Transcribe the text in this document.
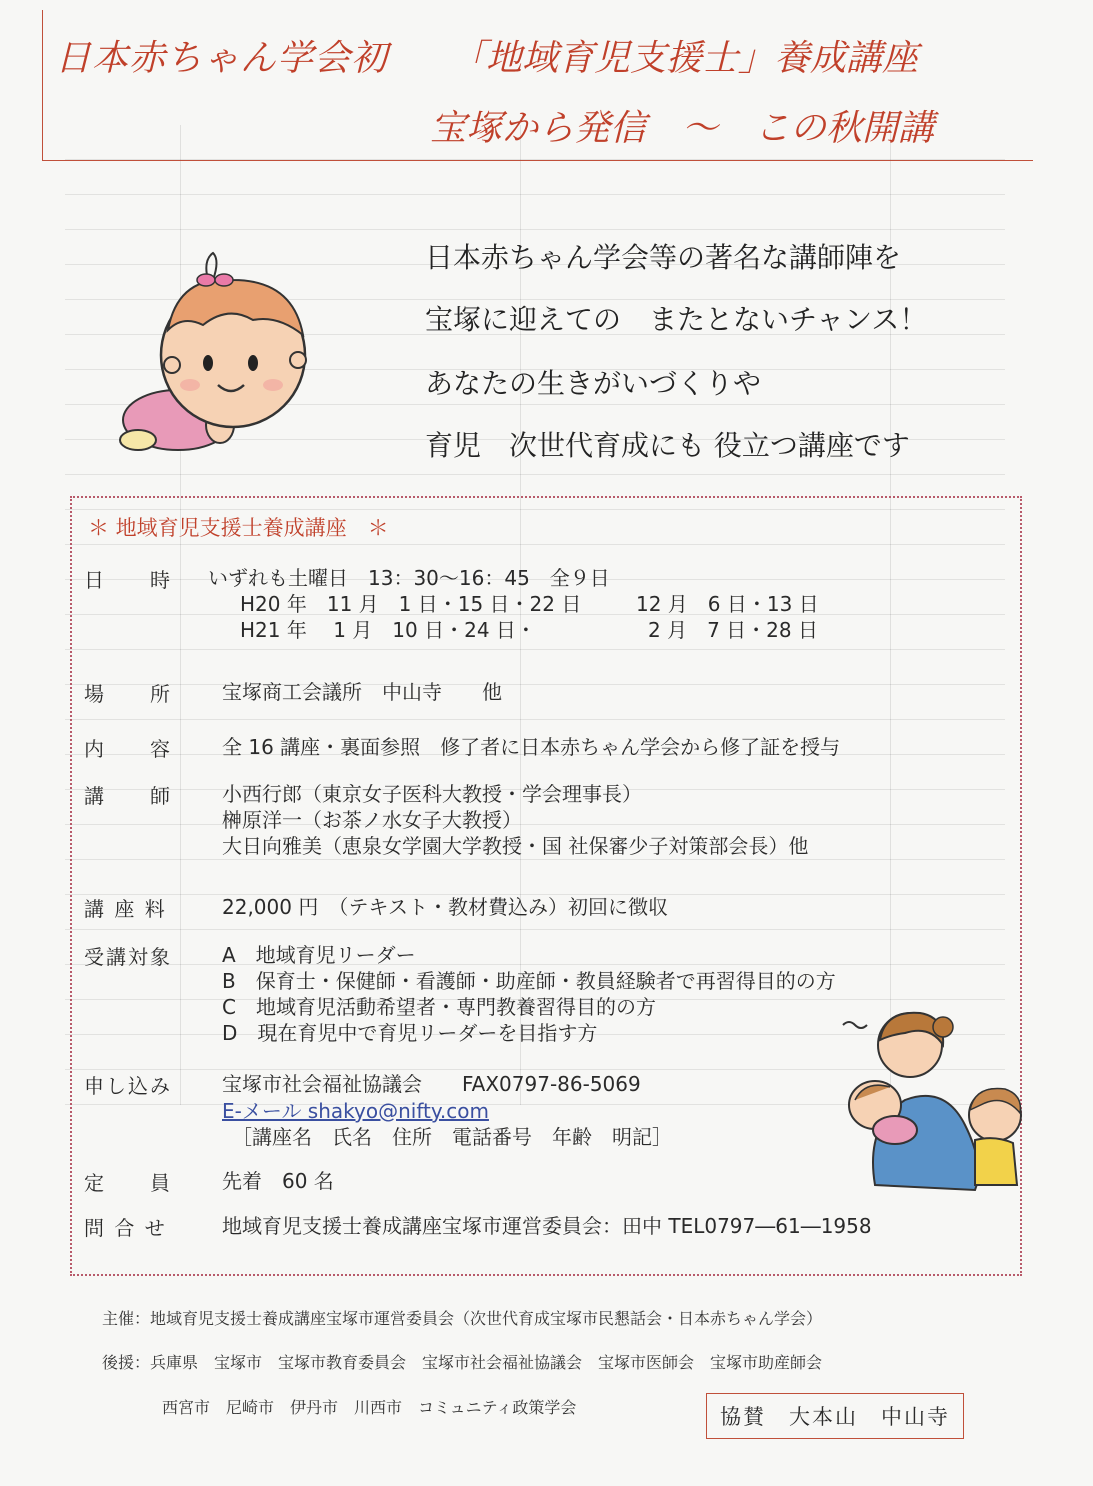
日本赤ちゃん学会初 「地域育児支援士」養成講座
宝塚から発信　～　この秋開講
日本赤ちゃん学会等の著名な講師陣を
宝塚に迎えての　またとないチャンス！
あなたの生きがいづくりや
育児　次世代育成にも 役立つ講座です
＊ 地域育児支援士養成講座　＊
日　　時 いずれも土曜日　13：30～16：45　全９日
H20 年　11 月　1 日・15 日・22 日	12 月　6 日・13 日
H21 年　 1 月　10 日・24 日・	2 月　7 日・28 日
場　　所	宝塚商工会議所　中山寺　　他
内　　容	全 16 講座・裏面参照　修了者に日本赤ちゃん学会から修了証を授与
講　　師	小西行郎（東京女子医科大教授・学会理事長）
榊原洋一（お茶ノ水女子大教授）
大日向雅美（恵泉女学園大学教授・国 社保審少子対策部会長）他
講 座 料	22,000 円　（テキスト・教材費込み）初回に徴収
受講対象	A　地域育児リーダー
B　保育士・保健師・看護師・助産師・教員経験者で再習得目的の方
C　地域育児活動希望者・専門教養習得目的の方
D　現在育児中で育児リーダーを目指す方
申し込み	宝塚市社会福祉協議会　　FAX0797-86-5069
E-メール shakyo@nifty.com
［講座名　氏名　住所　電話番号　年齢　明記］
定　　員	先着　60 名
問 合 せ	地域育児支援士養成講座宝塚市運営委員会：田中 TEL0797―61―1958
主催：地域育児支援士養成講座宝塚市運営委員会（次世代育成宝塚市民懇話会・日本赤ちゃん学会）
後援：兵庫県　宝塚市　宝塚市教育委員会　宝塚市社会福祉協議会　宝塚市医師会　宝塚市助産師会
西宮市　尼崎市　伊丹市　川西市　コミュニティ政策学会	協賛　大本山　中山寺
